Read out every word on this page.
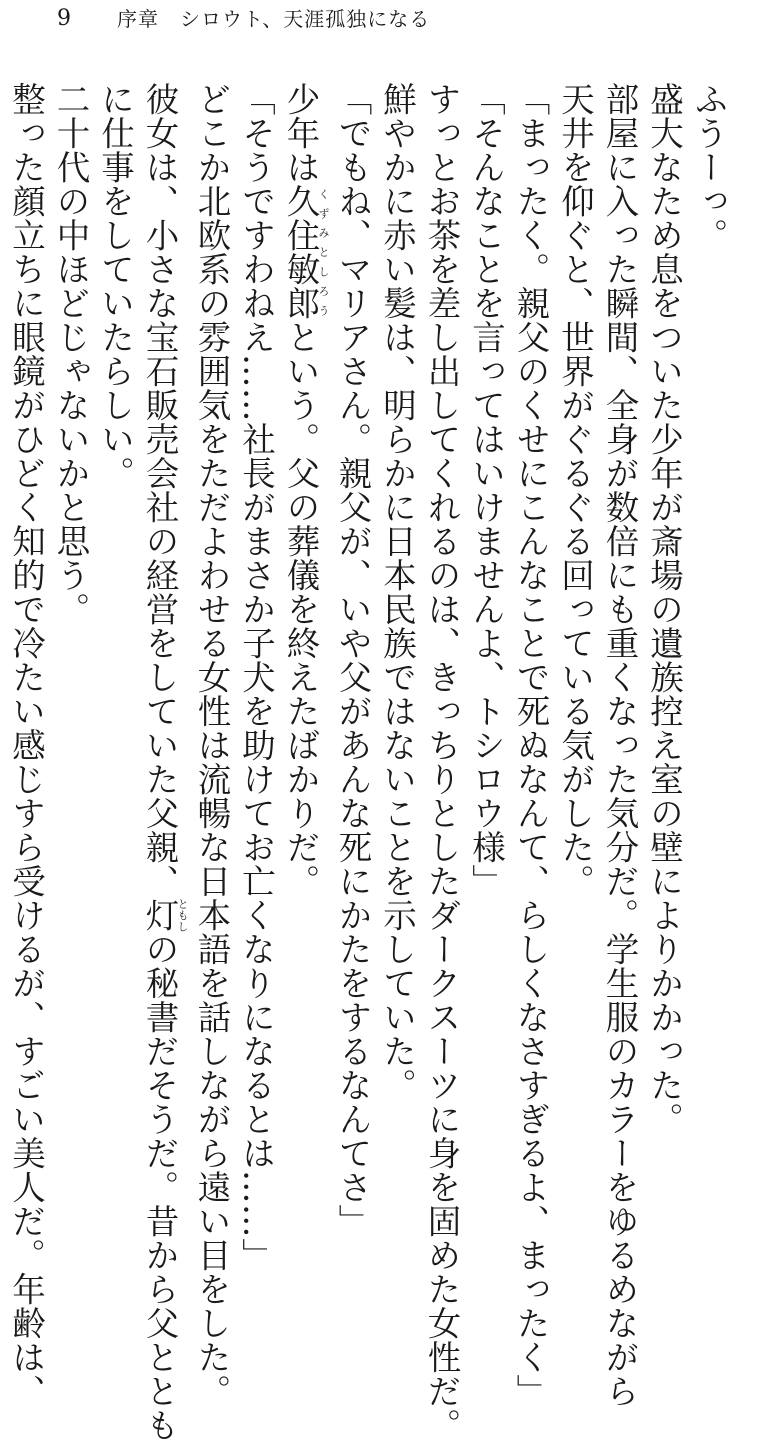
9 序章　シロウト、天涯孤独になる
ふうーっ。
盛大なため息をついた少年が斎場の遺族控え室の壁によりかかった。
部屋に入った瞬間、全身が数倍にも重くなった気分だ。学生服のカラーをゆるめながら
天井を仰ぐと、世界がぐるぐる回っている気がした。
「まったく。親父のくせにこんなことで死ぬなんて、らしくなさすぎるよ、まったく」
「そんなことを言ってはいけませんよ、トシロウ様」
すっとお茶を差し出してくれるのは、きっちりとしたダークスーツに身を固めた女性だ。
鮮やかに赤い髪は、明らかに日本民族ではないことを示していた。
「でもね、マリアさん。親父が、いや父があんな死にかたをするなんてさ」
少年は久住敏郎くずみとしろうという。父の葬儀を終えたばかりだ。
「そうですわねえ……社長がまさか子犬を助けてお亡くなりになるとは……」
どこか北欧系の雰囲気をただよわせる女性は流暢な日本語を話しながら遠い目をした。
彼女は、小さな宝石販売会社の経営をしていた父親、灯ともしの秘書だそうだ。昔から父ととも
に仕事をしていたらしい。
二十代の中ほどじゃないかと思う。
整った顔立ちに眼鏡がひどく知的で冷たい感じすら受けるが、すごい美人だ。年齢は、
